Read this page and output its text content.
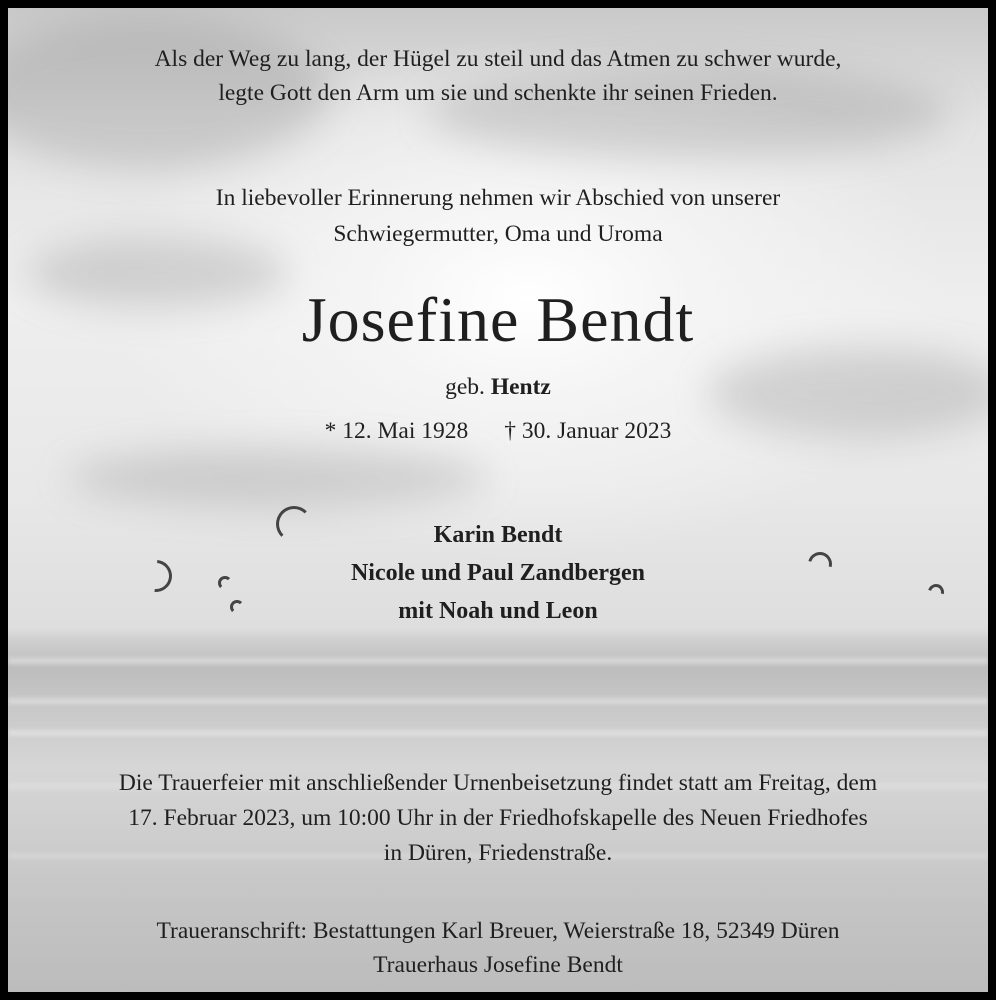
Als der Weg zu lang, der Hügel zu steil und das Atmen zu schwer wurde,
legte Gott den Arm um sie und schenkte ihr seinen Frieden.
In liebevoller Erinnerung nehmen wir Abschied von unserer
Schwiegermutter, Oma und Uroma
Josefine Bendt
geb. Hentz
* 12. Mai 1928 † 30. Januar 2023
Karin Bendt
Nicole und Paul Zandbergen
mit Noah und Leon
Die Trauerfeier mit anschließender Urnenbeisetzung findet statt am Freitag, dem
17. Februar 2023, um 10:00 Uhr in der Friedhofskapelle des Neuen Friedhofes
in Düren, Friedenstraße.
Traueranschrift: Bestattungen Karl Breuer, Weierstraße 18, 52349 Düren
Trauerhaus Josefine Bendt
